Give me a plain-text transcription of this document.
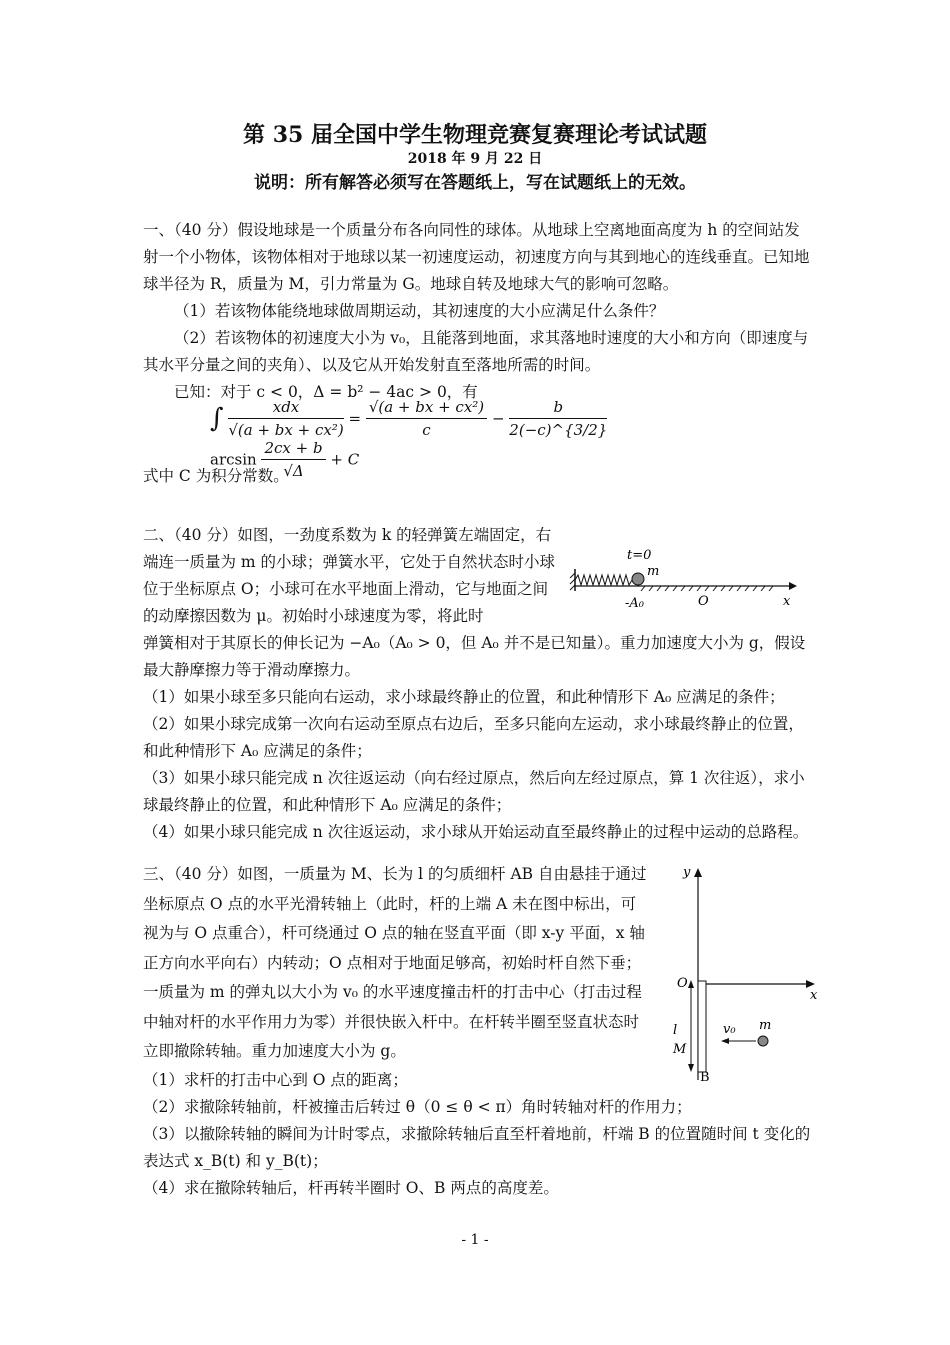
第 35 届全国中学生物理竞赛复赛理论考试试题
2018 年 9 月 22 日
说明：所有解答必须写在答题纸上，写在试题纸上的无效。

一、（40 分）假设地球是一个质量分布各向同性的球体。从地球上空离地面高度为 h 的空间站发射一个小物体，该物体相对于地球以某一初速度运动，初速度方向与其到地心的连线垂直。已知地球半径为 R，质量为 M，引力常量为 G。地球自转及地球大气的影响可忽略。

（1）若该物体能绕地球做周期运动，其初速度的大小应满足什么条件？

（2）若该物体的初速度大小为 v₀，且能落到地面，求其落地时速度的大小和方向（即速度与其水平分量之间的夹角）、以及它从开始发射直至落地所需的时间。

已知：对于 c < 0，Δ = b² − 4ac > 0，有

∫ $\frac{\text{xdx}}{\text{√(a + bx + cx²)}} = \frac{\text{√(a + bx + cx²)}}{c} - \frac{b}{2(-c)\^{}\{3/2\}}$
$\arcsin \frac{2cx + b}{√\Delta} + C$
式中 C 为积分常数。

二、（40 分）如图，一劲度系数为 k 的轻弹簧左端固定，右端连一质量为 m 的小球；弹簧水平，它处于自然状态时小球位于坐标原点 O；小球可在水平地面上滑动，它与地面之间的动摩擦因数为 μ。初始时小球速度为零，将此时

弹簧相对于其原长的伸长记为 −A₀（A₀ > 0，但 A₀ 并不是已知量）。重力加速度大小为 g，假设最大静摩擦力等于滑动摩擦力。

（1）如果小球至多只能向右运动，求小球最终静止的位置，和此种情形下 A₀ 应满足的条件；

（2）如果小球完成第一次向右运动至原点右边后，至多只能向左运动，求小球最终静止的位置，和此种情形下 A₀ 应满足的条件；

（3）如果小球只能完成 n 次往返运动（向右经过原点，然后向左经过原点，算 1 次往返），求小球最终静止的位置，和此种情形下 A₀ 应满足的条件；

（4）如果小球只能完成 n 次往返运动，求小球从开始运动直至最终静止的过程中运动的总路程。

t=0
m
-A₀	O	x

三、（40 分）如图，一质量为 M、长为 l 的匀质细杆 AB 自由悬挂于通过坐标原点 O 点的水平光滑转轴上（此时，杆的上端 A 未在图中标出，可视为与 O 点重合），杆可绕通过 O 点的轴在竖直平面（即 x-y 平面，x 轴正方向水平向右）内转动；O 点相对于地面足够高，初始时杆自然下垂；一质量为 m 的弹丸以大小为 v₀ 的水平速度撞击杆的打击中心（打击过程中轴对杆的水平作用力为零）并很快嵌入杆中。在杆转半圈至竖直状态时立即撤除转轴。重力加速度大小为 g。

（1）求杆的打击中心到 O 点的距离；

（2）求撤除转轴前，杆被撞击后转过 θ（0 ≤ θ < π）角时转轴对杆的作用力；

（3）以撤除转轴的瞬间为计时零点，求撤除转轴后直至杆着地前，杆端 B 的位置随时间 t 变化的表达式 x_B(t) 和 y_B(t)；

（4）求在撤除转轴后，杆再转半圈时 O、B 两点的高度差。

y
x
O
l
M
B
v₀ m
- 1 -
